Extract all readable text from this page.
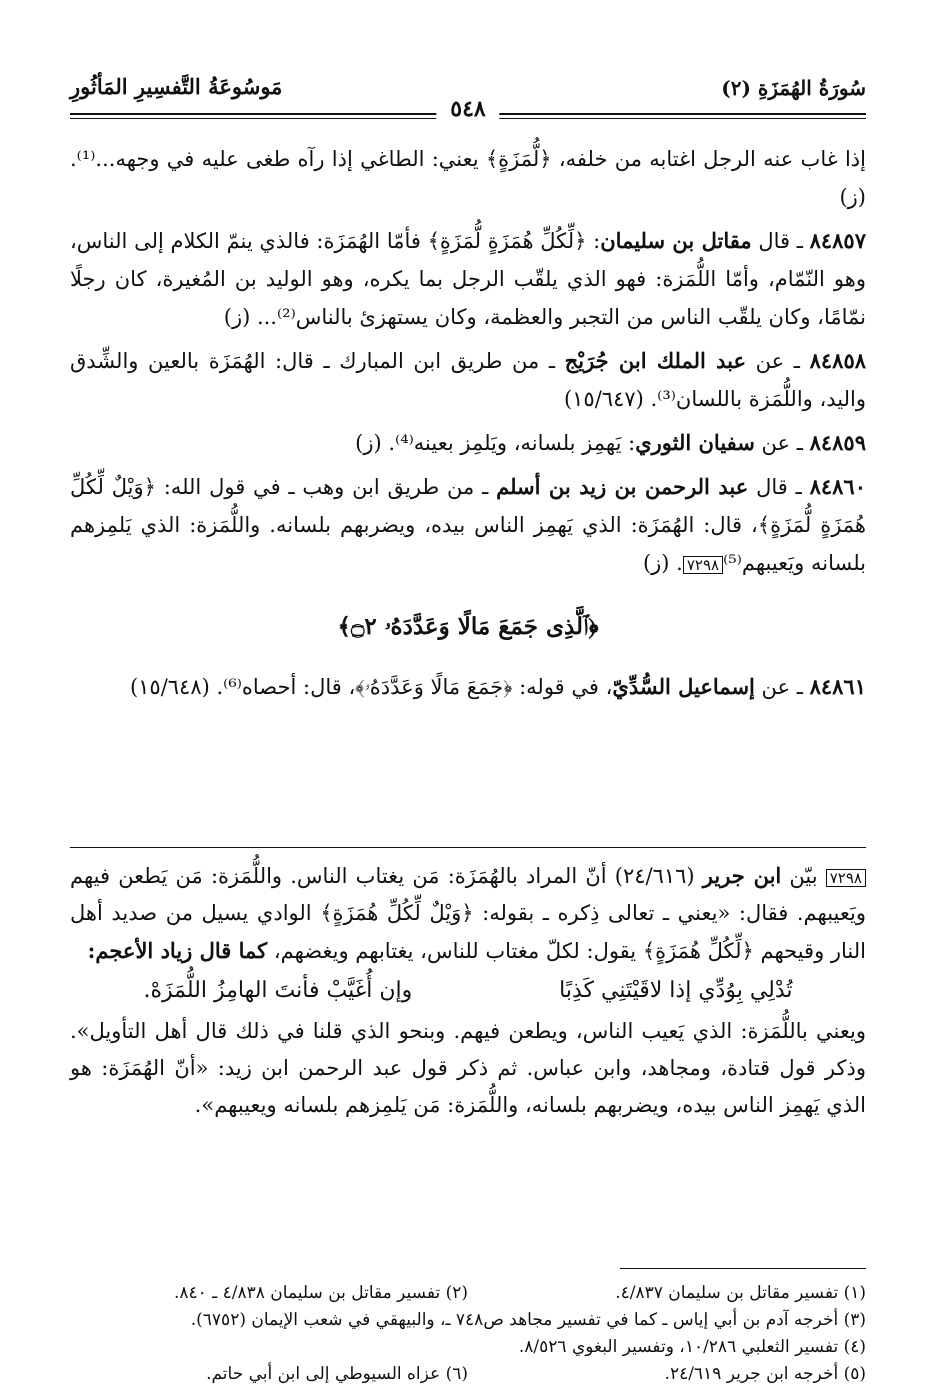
سُورَةُ الهُمَزَةِ (٢)
مَوسُوعَةُ التَّفسِيرِ المَأثُورِ
٥٤٨

إذا غاب عنه الرجل اغتابه من خلفه، ﴿لُّمَزَةٍ﴾ يعني: الطاغي إذا رآه طغى عليه في وجهه...⁽¹⁾. (ز)

٨٤٨٥٧ ـ قال مقاتل بن سليمان: ﴿لِّكُلِّ هُمَزَةٍ لُّمَزَةٍ﴾ فأمّا الهُمَزَة: فالذي ينمّ الكلام إلى الناس، وهو النّمّام، وأمّا اللُّمَزة: فهو الذي يلقّب الرجل بما يكره، وهو الوليد بن المُغيرة، كان رجلًا نمّامًا، وكان يلقّب الناس من التجبر والعظمة، وكان يستهزئ بالناس⁽²⁾... (ز)

٨٤٨٥٨ ـ عن عبد الملك ابن جُرَيْج ـ من طريق ابن المبارك ـ قال: الهُمَزَة بالعين والشِّدق واليد، واللُّمَزة باللسان⁽³⁾. (١٥/٦٤٧)

٨٤٨٥٩ ـ عن سفيان الثوري: يَهمِز بلسانه، ويَلمِز بعينه⁽⁴⁾. (ز)

٨٤٨٦٠ ـ قال عبد الرحمن بن زيد بن أسلم ـ من طريق ابن وهب ـ في قول الله: ﴿وَيْلٌ لِّكُلِّ هُمَزَةٍ لُّمَزَةٍ﴾، قال: الهُمَزَة: الذي يَهمِز الناس بيده، ويضربهم بلسانه. واللُّمَزة: الذي يَلمِزهم بلسانه ويَعيبهم⁽⁵⁾٧٢٩٨. (ز)

﴿ٱلَّذِى جَمَعَ مَالًا وَعَدَّدَهُۥ ۝٢﴾

٨٤٨٦١ ـ عن إسماعيل السُّدِّيّ، في قوله: ﴿جَمَعَ مَالًا وَعَدَّدَهُۥ﴾، قال: أحصاه⁽⁶⁾. (١٥/٦٤٨)

٧٢٩٨ بيّن ابن جرير (٢٤/٦١٦) أنّ المراد بالهُمَزَة: مَن يغتاب الناس. واللُّمَزة: مَن يَطعن فيهم ويَعيبهم. فقال: «يعني ـ تعالى ذِكره ـ بقوله: ﴿وَيْلٌ لِّكُلِّ هُمَزَةٍ﴾ الوادي يسيل من صديد أهل النار وقيحهم ﴿لِّكُلِّ هُمَزَةٍ﴾ يقول: لكلّ مغتاب للناس، يغتابهم ويغضهم، كما قال زياد الأعجم:
تُدْلِي بِوُدِّي إذا لاقَيْتَنِي كَذِبًا
وإن أُغَيَّبْ فأنتَ الهامِزُ اللُّمَزَهْ.
ويعني باللُّمَزة: الذي يَعيب الناس، ويطعن فيهم. وبنحو الذي قلنا في ذلك قال أهل التأويل». وذكر قول قتادة، ومجاهد، وابن عباس. ثم ذكر قول عبد الرحمن ابن زيد: «أنّ الهُمَزَة: هو الذي يَهمِز الناس بيده، ويضربهم بلسانه، واللُّمَزة: مَن يَلمِزهم بلسانه ويعيبهم».
(١) تفسير مقاتل بن سليمان ٤/٨٣٧.
(٢) تفسير مقاتل بن سليمان ٤/٨٣٨ ـ ٨٤٠.
(٣) أخرجه آدم بن أبي إياس ـ كما في تفسير مجاهد ص٧٤٨ ـ، والبيهقي في شعب الإيمان (٦٧٥٢).
(٤) تفسير الثعلبي ١٠/٢٨٦، وتفسير البغوي ٨/٥٢٦.
(٥) أخرجه ابن جرير ٢٤/٦١٩.
(٦) عزاه السيوطي إلى ابن أبي حاتم.
